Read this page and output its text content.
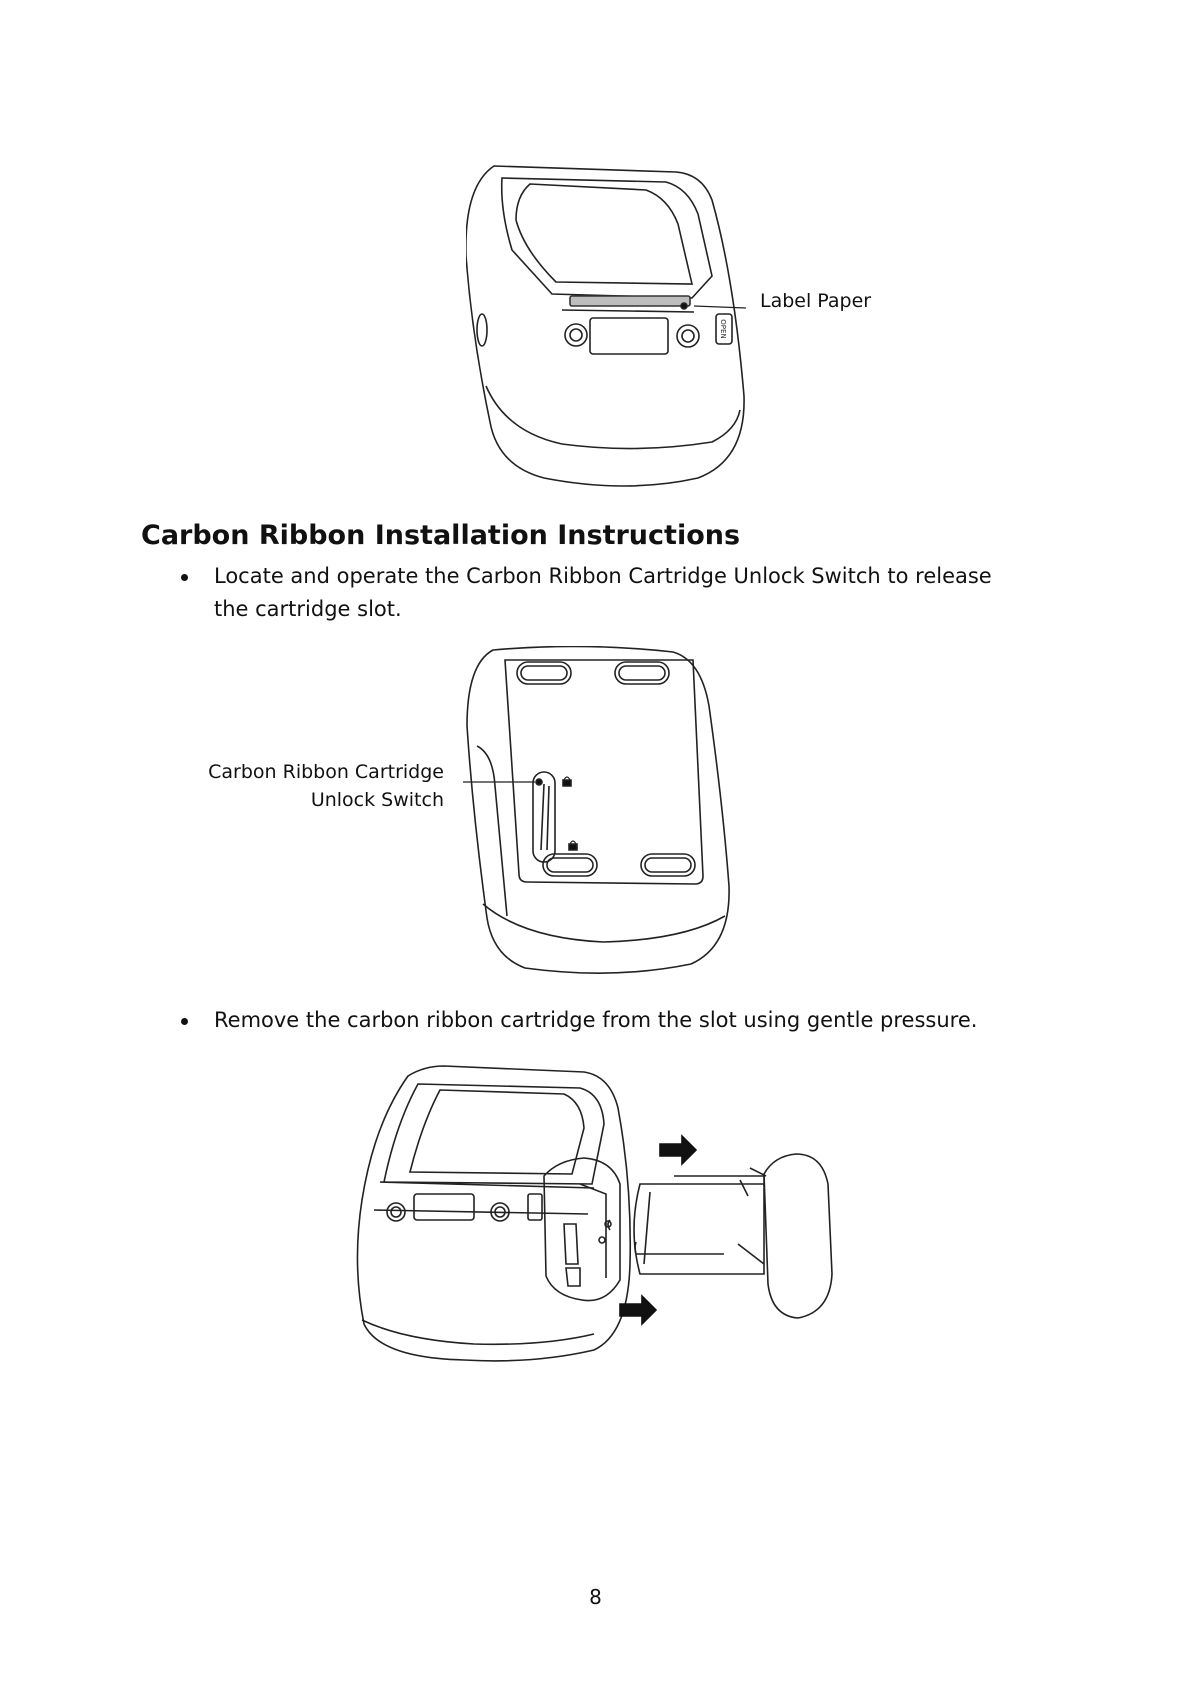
OPEN
Label Paper
Carbon Ribbon Installation Instructions
Locate and operate the Carbon Ribbon Cartridge Unlock Switch to release the cartridge slot.
Carbon Ribbon Cartridge
Unlock Switch
Remove the carbon ribbon cartridge from the slot using gentle pressure.
8
